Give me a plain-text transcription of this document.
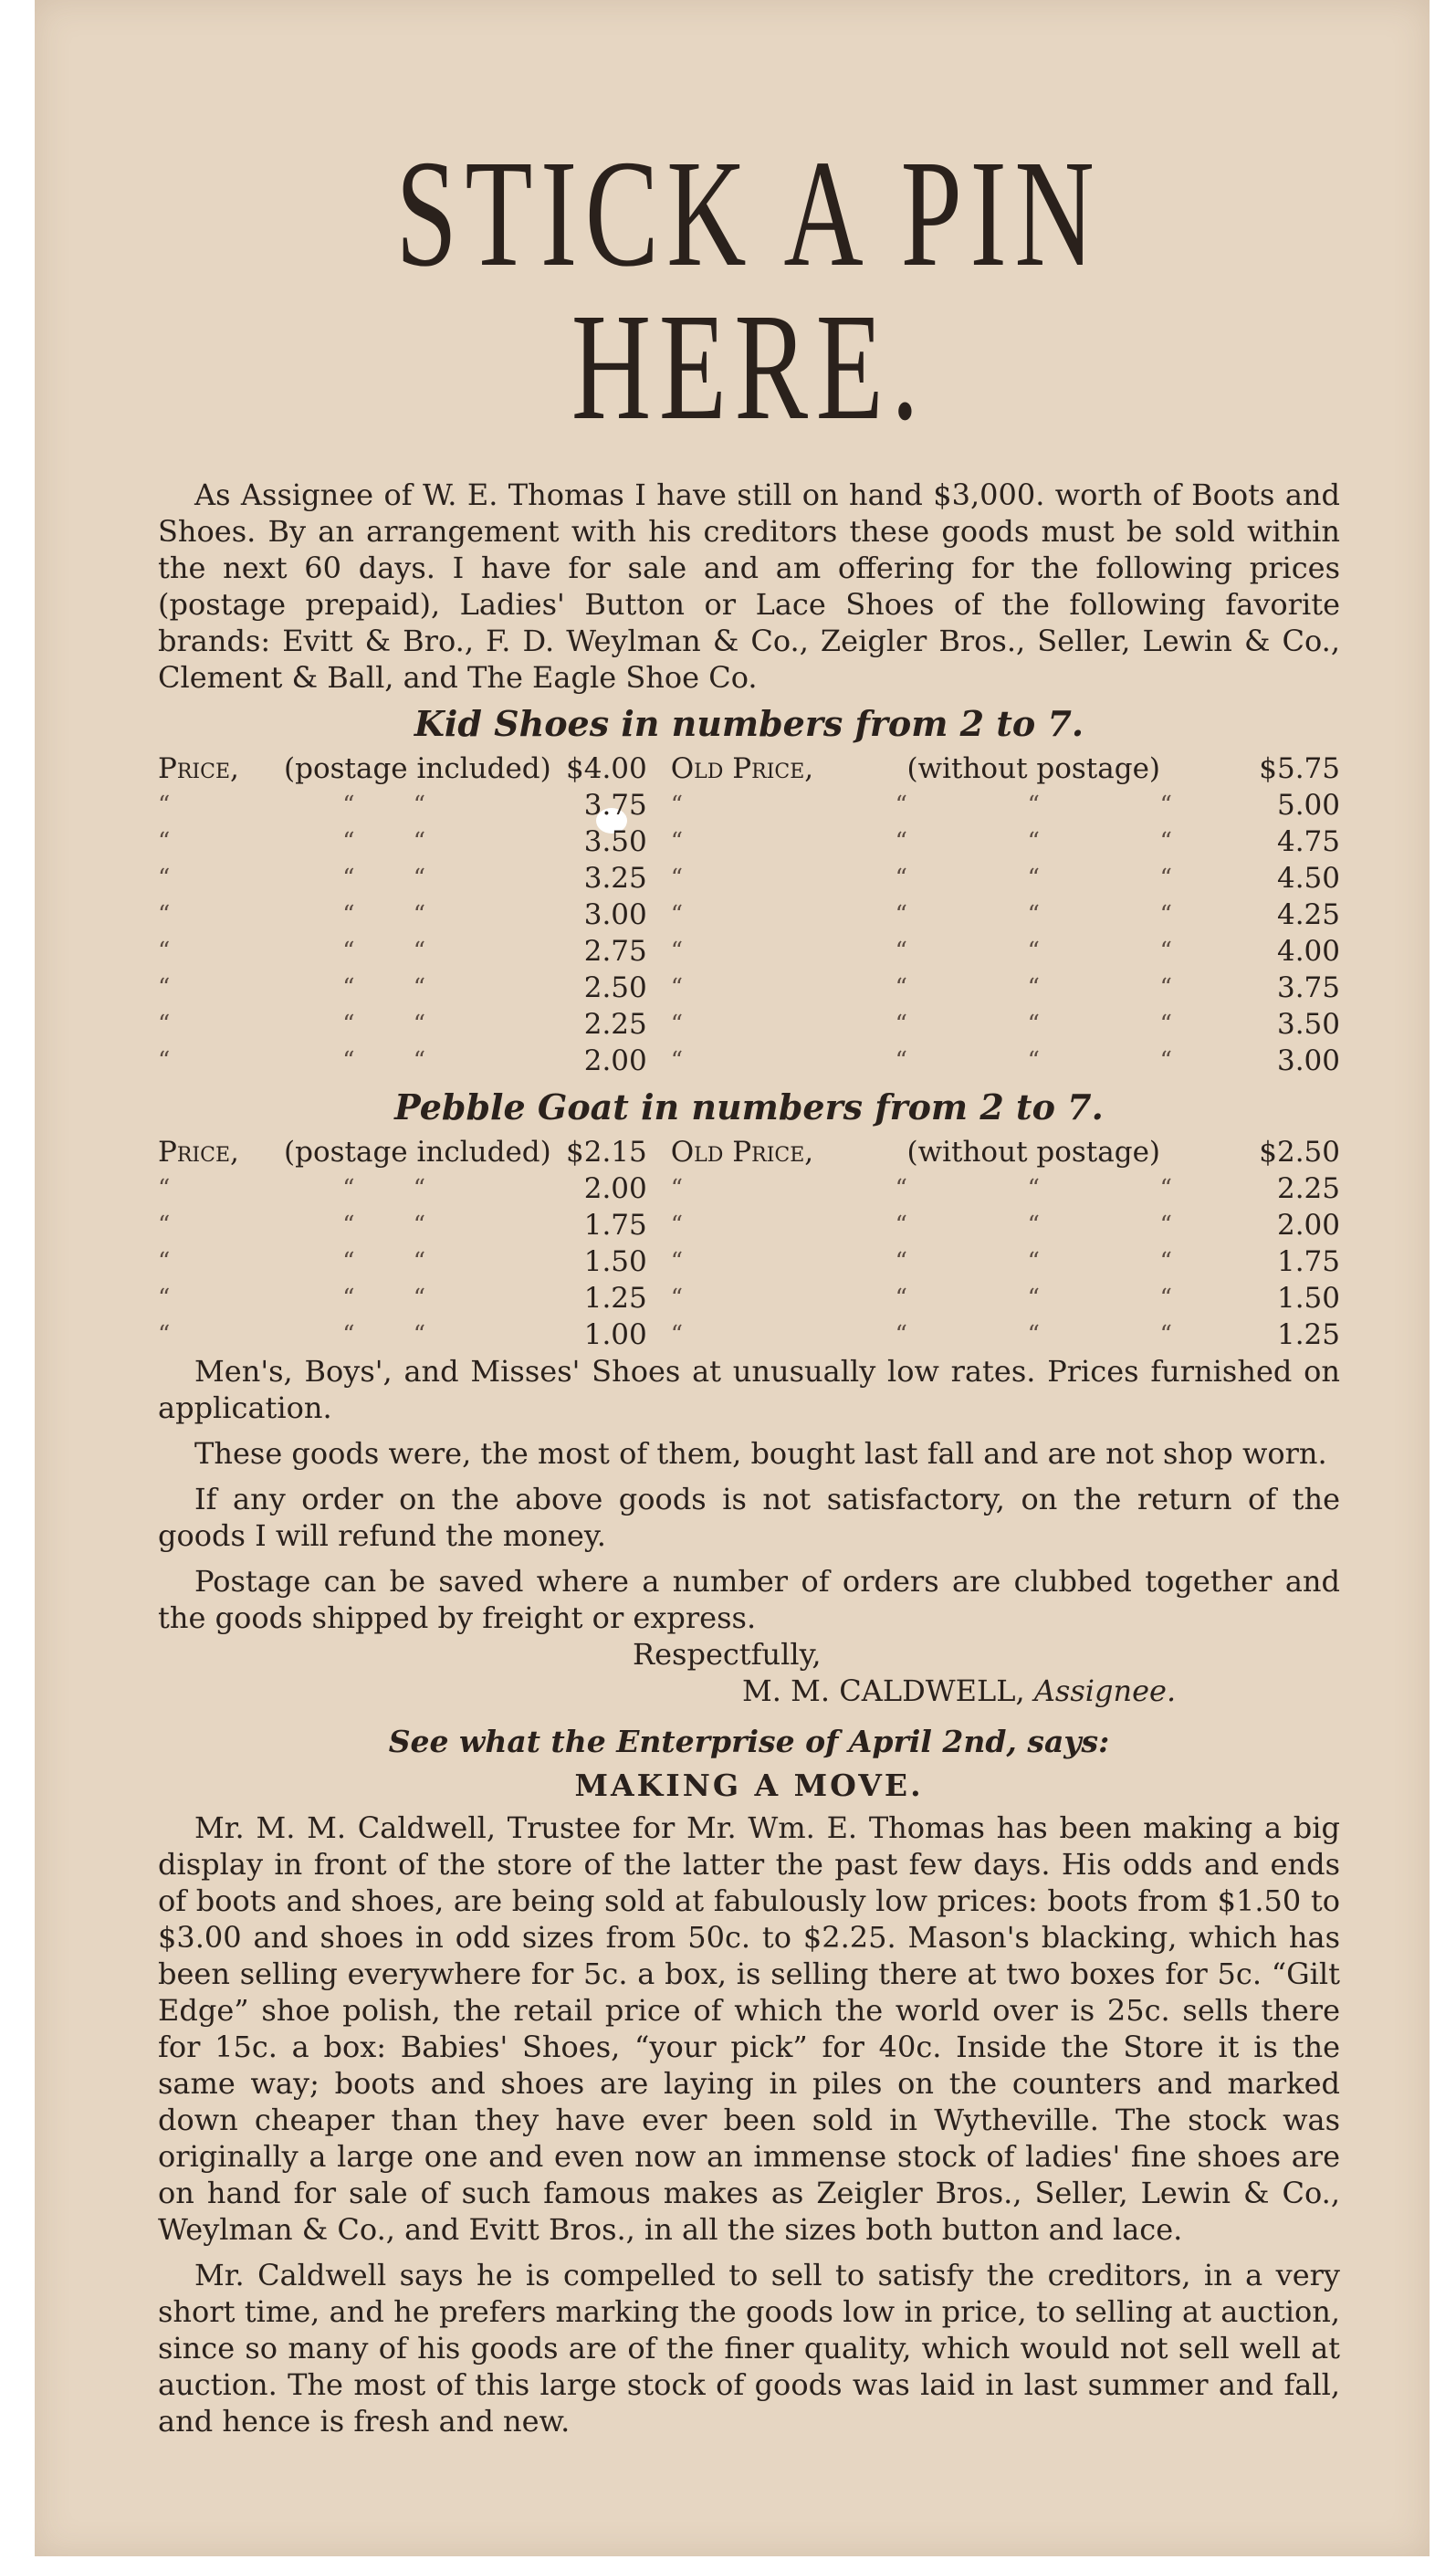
STICK A PIN HERE.

As Assignee of W. E. Thomas I have still on hand $3,000. worth of Boots and Shoes. By an arrangement with his creditors these goods must be sold within the next 60 days. I have for sale and am offering for the following prices (postage prepaid), Ladies' Button or Lace Shoes of the following favorite brands: Evitt & Bro., F. D. Weylman & Co., Zeigler Bros., Seller, Lewin & Co., Clement & Ball, and The Eagle Shoe Co.

Kid Shoes in numbers from 2 to 7.
Price,	(postage included)		$4.00	Old Price,	(without postage)			$5.75
“	“	“	3.75	“	“	“	“	5.00
“	“	“	3.50	“	“	“	“	4.75
“	“	“	3.25	“	“	“	“	4.50
“	“	“	3.00	“	“	“	“	4.25
“	“	“	2.75	“	“	“	“	4.00
“	“	“	2.50	“	“	“	“	3.75
“	“	“	2.25	“	“	“	“	3.50
“	“	“	2.00	“	“	“	“	3.00
Pebble Goat in numbers from 2 to 7.
Price,	(postage included)		$2.15	Old Price,	(without postage)			$2.50
“	“	“	2.00	“	“	“	“	2.25
“	“	“	1.75	“	“	“	“	2.00
“	“	“	1.50	“	“	“	“	1.75
“	“	“	1.25	“	“	“	“	1.50
“	“	“	1.00	“	“	“	“	1.25

Men's, Boys', and Misses' Shoes at unusually low rates. Prices furnished on application.

These goods were, the most of them, bought last fall and are not shop worn.

If any order on the above goods is not satisfactory, on the return of the goods I will refund the money.

Postage can be saved where a number of orders are clubbed together and the goods shipped by freight or express.

Respectfully,
M. M. CALDWELL, Assignee.
See what the Enterprise of April 2nd, says:
MAKING A MOVE.

Mr. M. M. Caldwell, Trustee for Mr. Wm. E. Thomas has been making a big display in front of the store of the latter the past few days. His odds and ends of boots and shoes, are being sold at fabulously low prices: boots from $1.50 to $3.00 and shoes in odd sizes from 50c. to $2.25. Mason's blacking, which has been selling everywhere for 5c. a box, is selling there at two boxes for 5c. “Gilt Edge” shoe polish, the retail price of which the world over is 25c. sells there for 15c. a box: Babies' Shoes, “your pick” for 40c. Inside the Store it is the same way; boots and shoes are laying in piles on the counters and marked down cheaper than they have ever been sold in Wytheville. The stock was originally a large one and even now an immense stock of ladies' fine shoes are on hand for sale of such famous makes as Zeigler Bros., Seller, Lewin & Co., Weylman & Co., and Evitt Bros., in all the sizes both button and lace.

Mr. Caldwell says he is compelled to sell to satisfy the creditors, in a very short time, and he prefers marking the goods low in price, to selling at auction, since so many of his goods are of the finer quality, which would not sell well at auction. The most of this large stock of goods was laid in last summer and fall, and hence is fresh and new.
